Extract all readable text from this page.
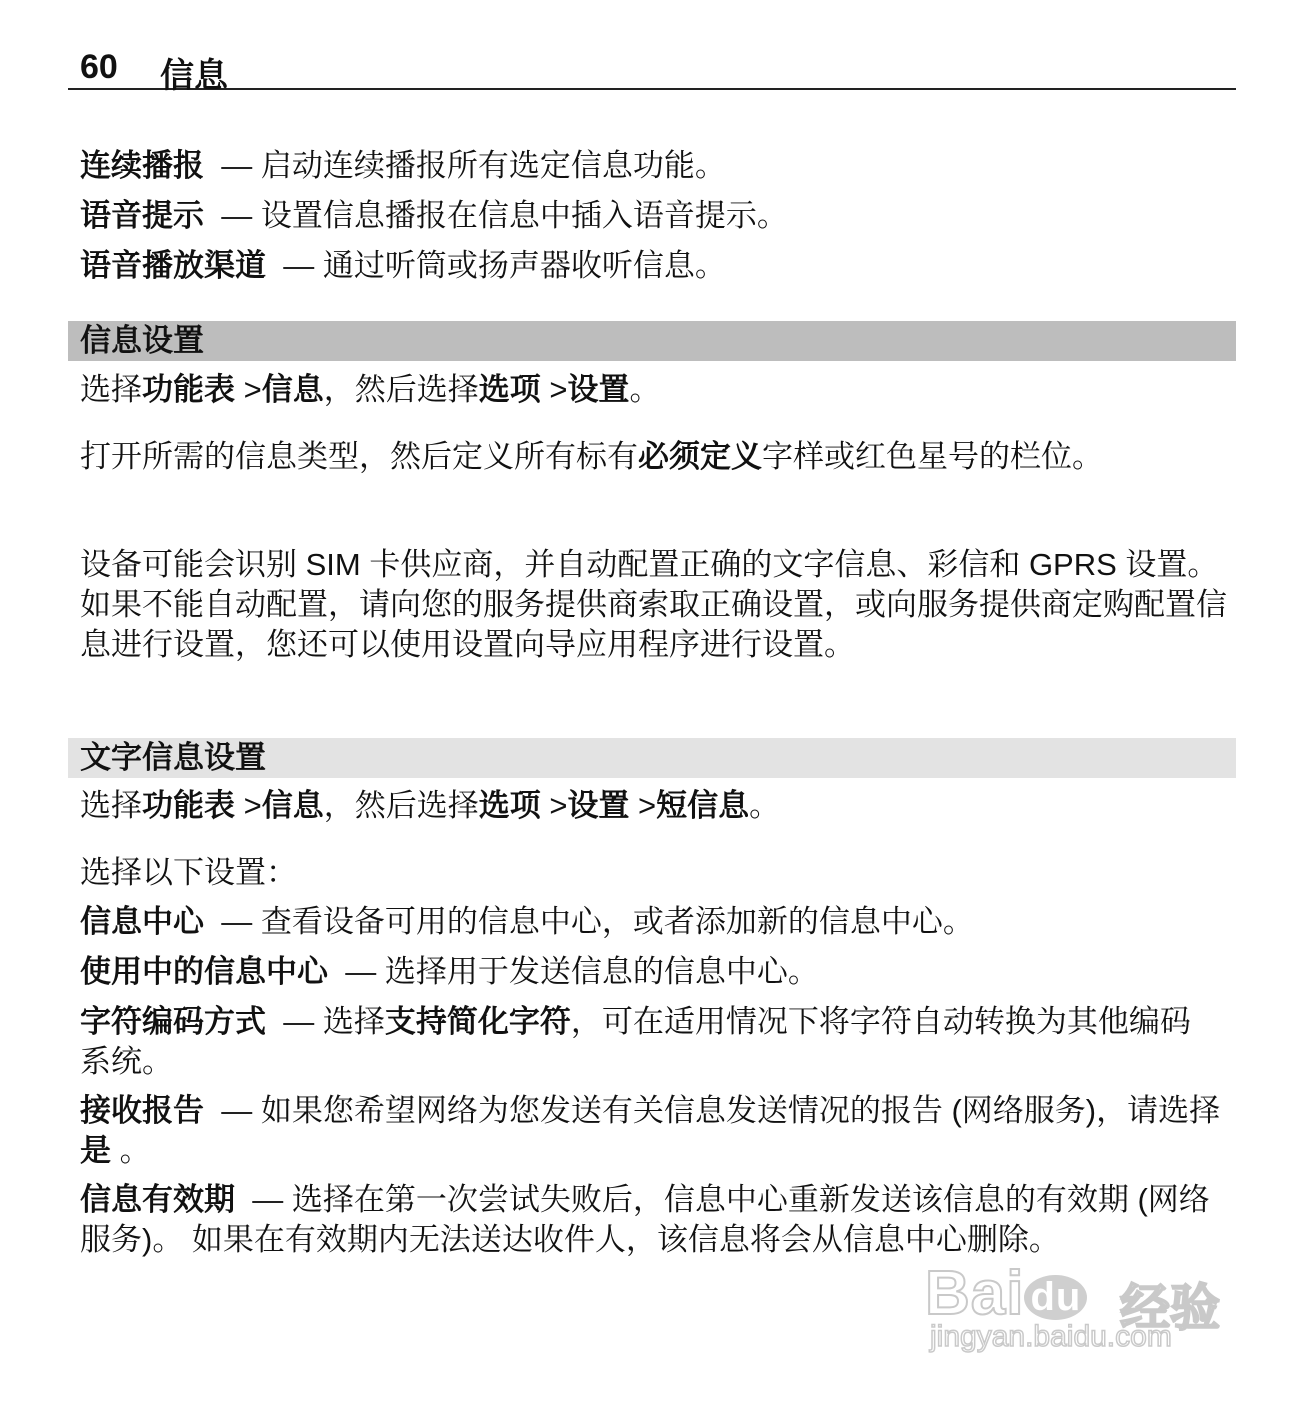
60 信息

连续播报 — 启动连续播报所有选定信息功能。

语音提示 — 设置信息播报在信息中插入语音提示。

语音播放渠道 — 通过听筒或扬声器收听信息。

信息设置

选择功能表 >信息，然后选择选项 >设置。

打开所需的信息类型，然后定义所有标有必须定义字样或红色星号的栏位。

设备可能会识别 SIM 卡供应商，并自动配置正确的文字信息、彩信和 GPRS 设置。如果不能自动配置，请向您的服务提供商索取正确设置，或向服务提供商定购配置信息进行设置，您还可以使用设置向导应用程序进行设置。

文字信息设置

选择功能表 >信息，然后选择选项 >设置 >短信息。

选择以下设置：

信息中心 — 查看设备可用的信息中心，或者添加新的信息中心。

使用中的信息中心 — 选择用于发送信息的信息中心。

字符编码方式 — 选择支持简化字符，可在适用情况下将字符自动转换为其他编码系统。

接收报告 — 如果您希望网络为您发送有关信息发送情况的报告 (网络服务)，请选择是 。

信息有效期 — 选择在第一次尝试失败后，信息中心重新发送该信息的有效期 (网络服务)。 如果在有效期内无法送达收件人，该信息将会从信息中心删除。

Bai du 经验
jingyan.baidu.com
